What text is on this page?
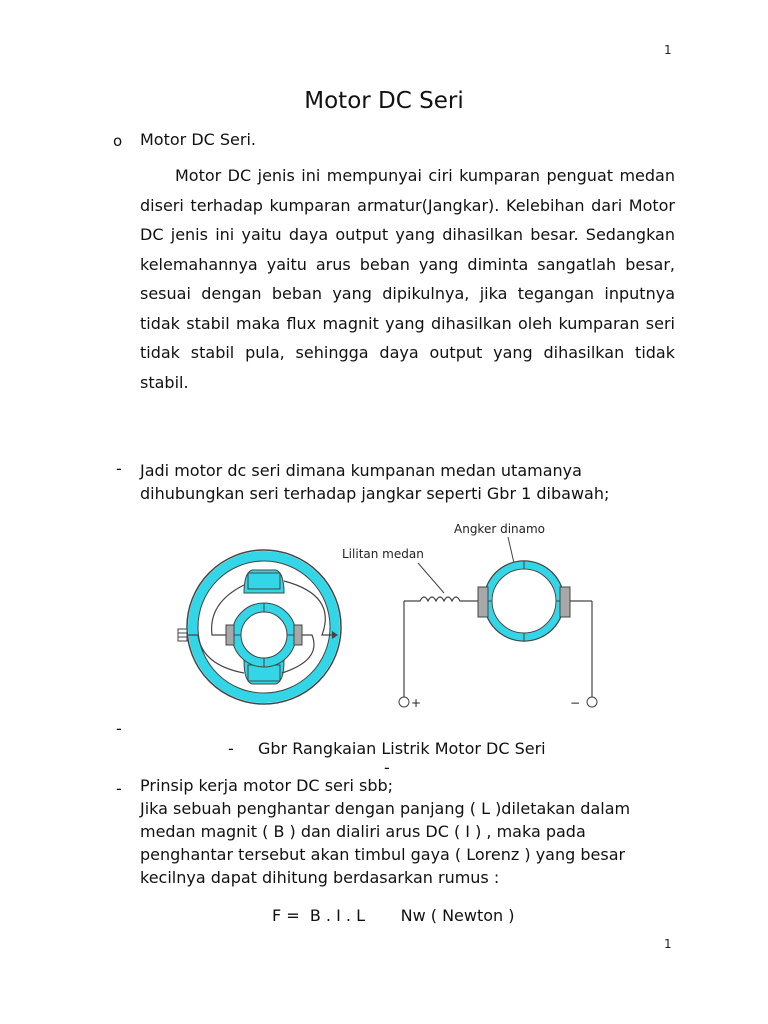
1
Motor DC Seri
o Motor DC Seri.
Motor DC jenis ini mempunyai ciri kumparan penguat medan diseri terhadap kumparan armatur(Jangkar). Kelebihan dari Motor DC jenis ini yaitu daya output yang dihasilkan besar. Sedangkan kelemahannya yaitu arus beban yang diminta sangatlah besar, sesuai dengan beban yang dipikulnya, jika tegangan inputnya tidak stabil maka flux magnit yang dihasilkan oleh kumparan seri tidak stabil pula, sehingga daya output yang dihasilkan tidak stabil.
- Jadi motor dc seri dimana kumpanan medan utamanya dihubungkan seri terhadap jangkar seperti Gbr 1 dibawah;
Angker dinamo
Lilitan medan
+	−
-
- Gbr Rangkaian Listrik Motor DC Seri
-
- Prinsip kerja motor DC seri sbb;
Jika sebuah penghantar dengan panjang ( L )diletakan dalam medan magnit ( B ) dan dialiri arus DC ( I ) , maka pada penghantar tersebut akan timbul gaya ( Lorenz ) yang besar kecilnya dapat dihitung berdasarkan rumus :
F =  B . I . L       Nw ( Newton )
1
